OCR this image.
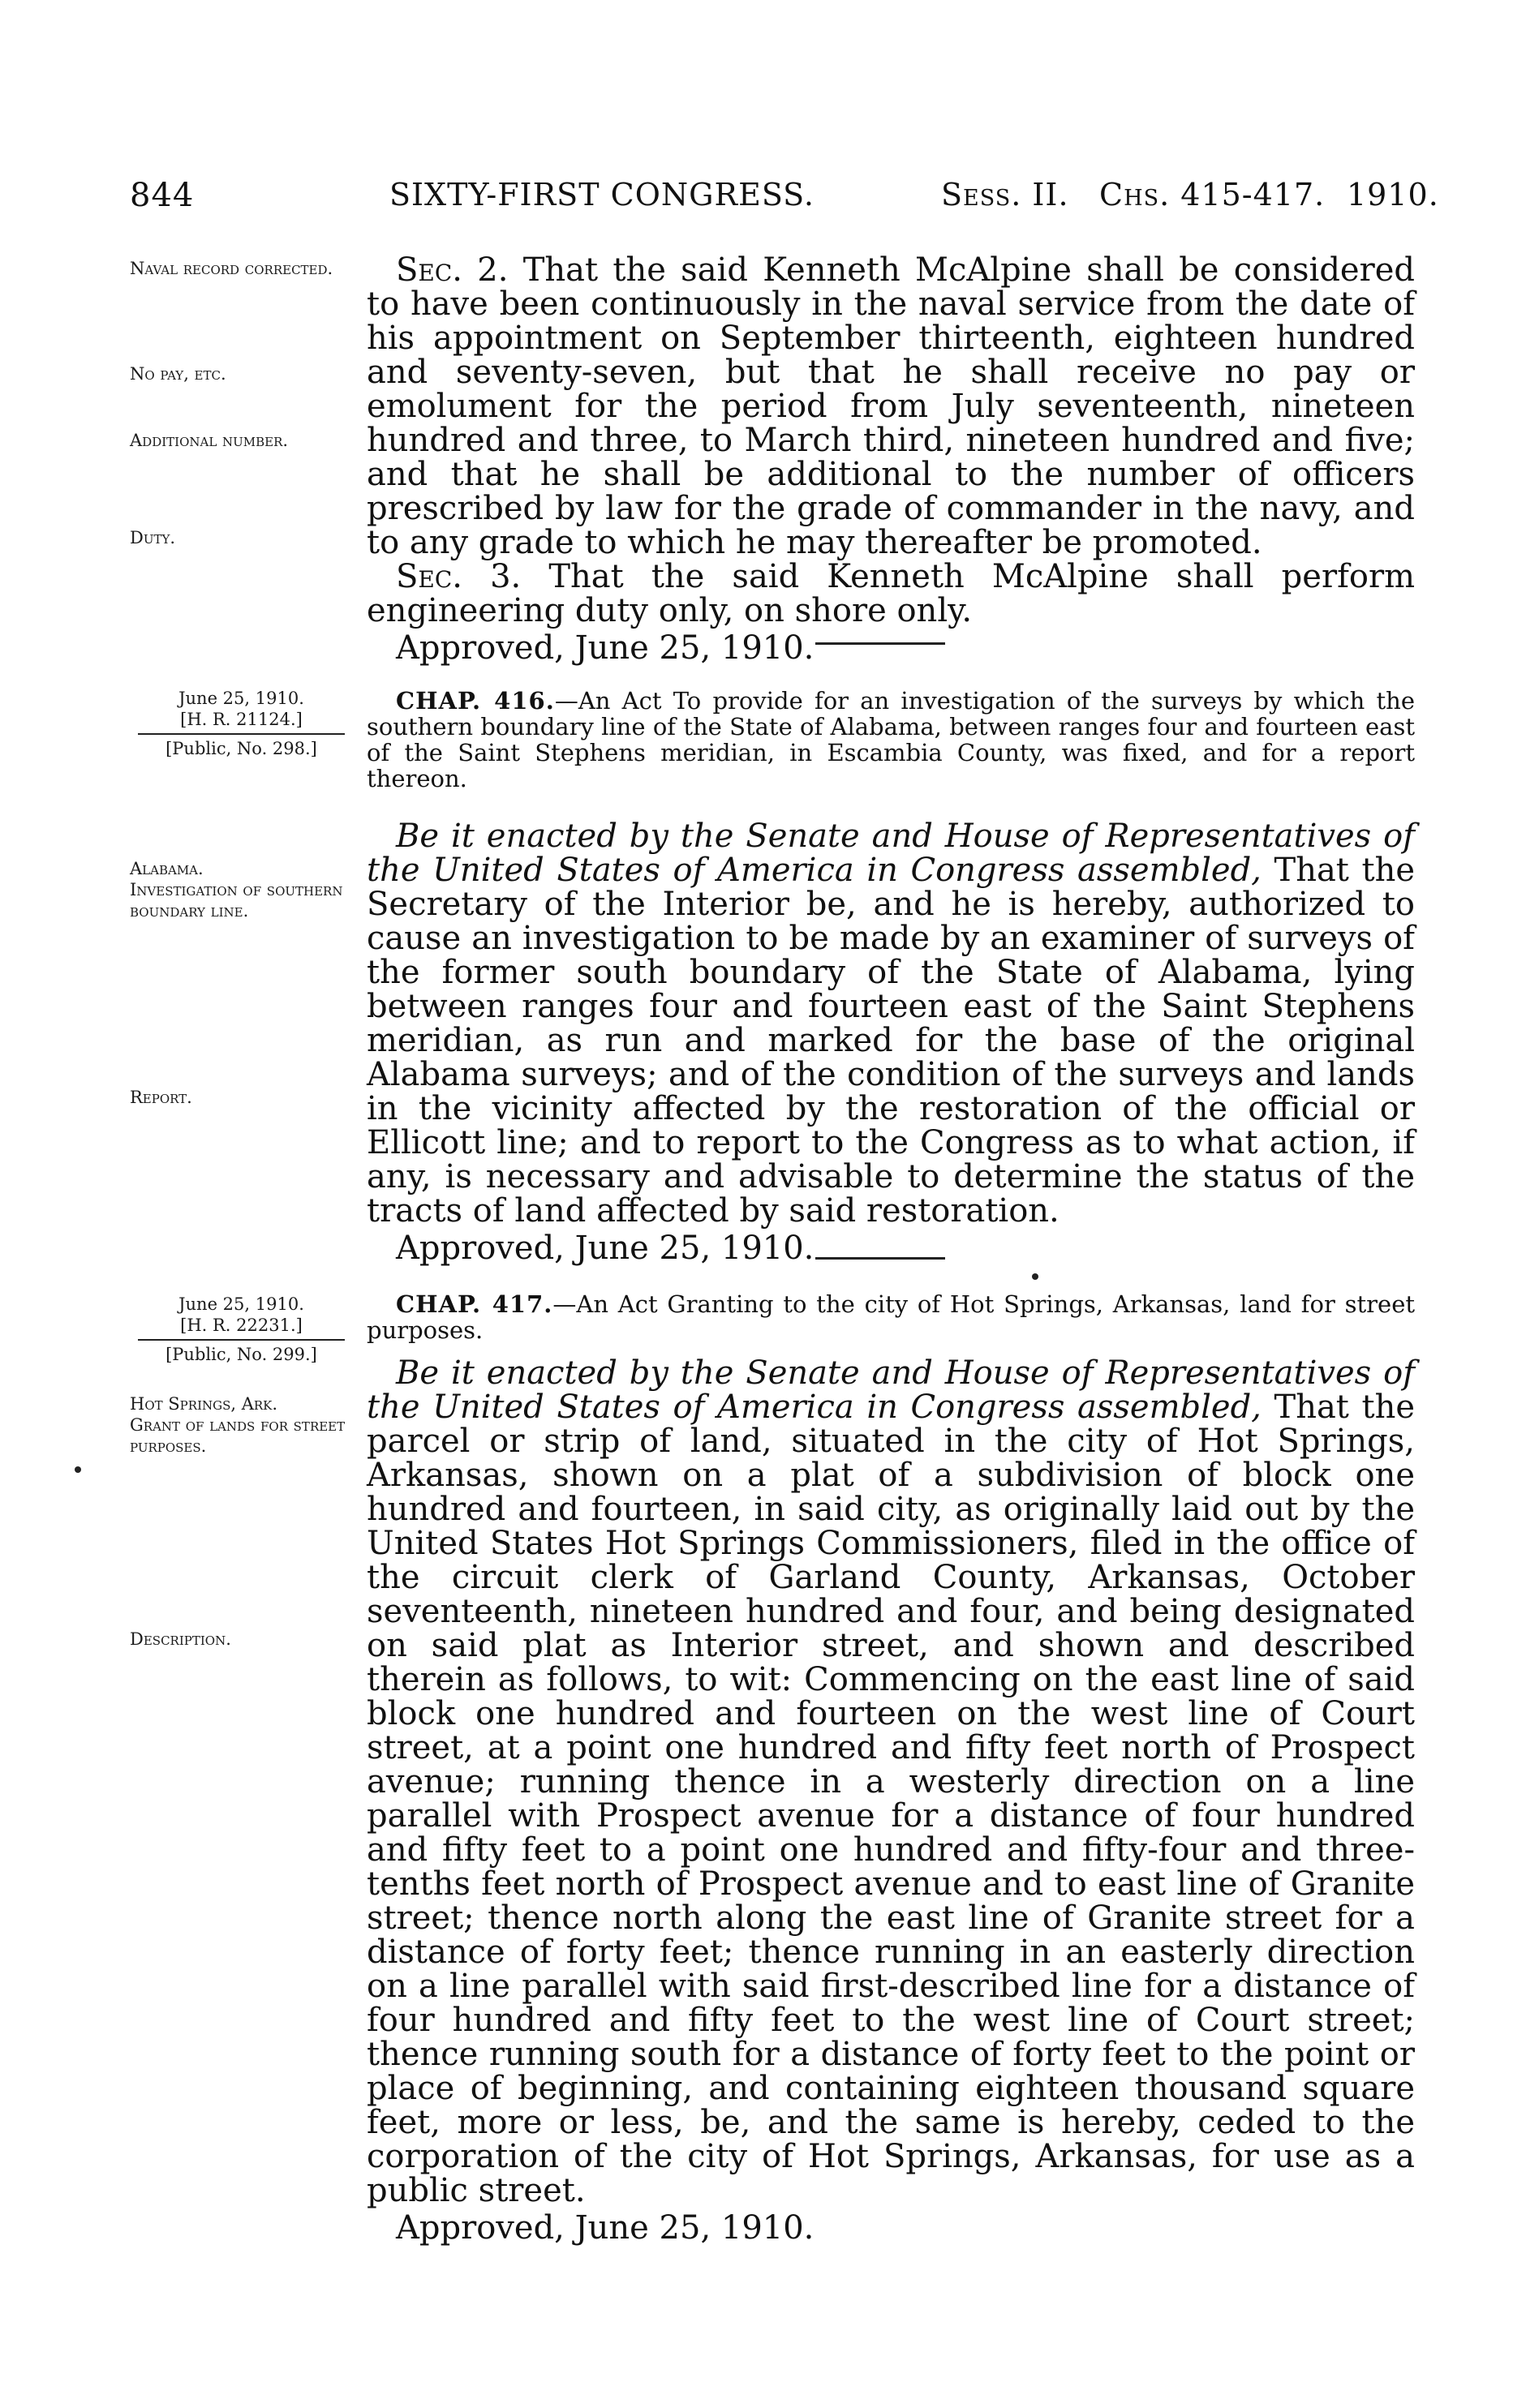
844	SIXTY-FIRST CONGRESS.	Sess. II. Chs. 415-417. 1910.
Naval record corrected.
No pay, etc.
Additional number.
Duty.

Sec. 2. That the said Kenneth McAlpine shall be considered to have been continuously in the naval service from the date of his appointment on September thirteenth, eighteen hundred and seventy-seven, but that he shall receive no pay or emolument for the period from July seventeenth, nineteen hundred and three, to March third, nineteen hundred and five; and that he shall be additional to the number of officers prescribed by law for the grade of commander in the navy, and to any grade to which he may thereafter be promoted.

Sec. 3. That the said Kenneth McAlpine shall perform engineering duty only, on shore only.

Approved, June 25, 1910.

June 25, 1910.
[H. R. 21124.]
[Public, No. 298.]
Alabama.
Investigation of southern boundary line.
Report.
CHAP. 416.—An Act To provide for an investigation of the surveys by which the southern boundary line of the State of Alabama, between ranges four and fourteen east of the Saint Stephens meridian, in Escambia County, was fixed, and for a report thereon.

Be it enacted by the Senate and House of Representatives of the United States of America in Congress assembled, That the Secretary of the Interior be, and he is hereby, authorized to cause an investigation to be made by an examiner of surveys of the former south boundary of the State of Alabama, lying between ranges four and fourteen east of the Saint Stephens meridian, as run and marked for the base of the original Alabama surveys; and of the condition of the surveys and lands in the vicinity affected by the restoration of the official or Ellicott line; and to report to the Congress as to what action, if any, is necessary and advisable to determine the status of the tracts of land affected by said restoration.

Approved, June 25, 1910.

June 25, 1910.
[H. R. 22231.]
[Public, No. 299.]
Hot Springs, Ark.
Grant of lands for street purposes.
Description.
CHAP. 417.—An Act Granting to the city of Hot Springs, Arkansas, land for street purposes.

Be it enacted by the Senate and House of Representatives of the United States of America in Congress assembled, That the parcel or strip of land, situated in the city of Hot Springs, Arkansas, shown on a plat of a subdivision of block one hundred and fourteen, in said city, as originally laid out by the United States Hot Springs Commissioners, filed in the office of the circuit clerk of Garland County, Arkansas, October seventeenth, nineteen hundred and four, and being designated on said plat as Interior street, and shown and described therein as follows, to wit: Commencing on the east line of said block one hundred and fourteen on the west line of Court street, at a point one hundred and fifty feet north of Prospect avenue; running thence in a westerly direction on a line parallel with Prospect avenue for a distance of four hundred and fifty feet to a point one hundred and fifty-four and three-tenths feet north of Prospect avenue and to east line of Granite street; thence north along the east line of Granite street for a distance of forty feet; thence running in an easterly direction on a line parallel with said first-described line for a distance of four hundred and fifty feet to the west line of Court street; thence running south for a distance of forty feet to the point or place of beginning, and containing eighteen thousand square feet, more or less, be, and the same is hereby, ceded to the corporation of the city of Hot Springs, Arkansas, for use as a public street.

Approved, June 25, 1910.
